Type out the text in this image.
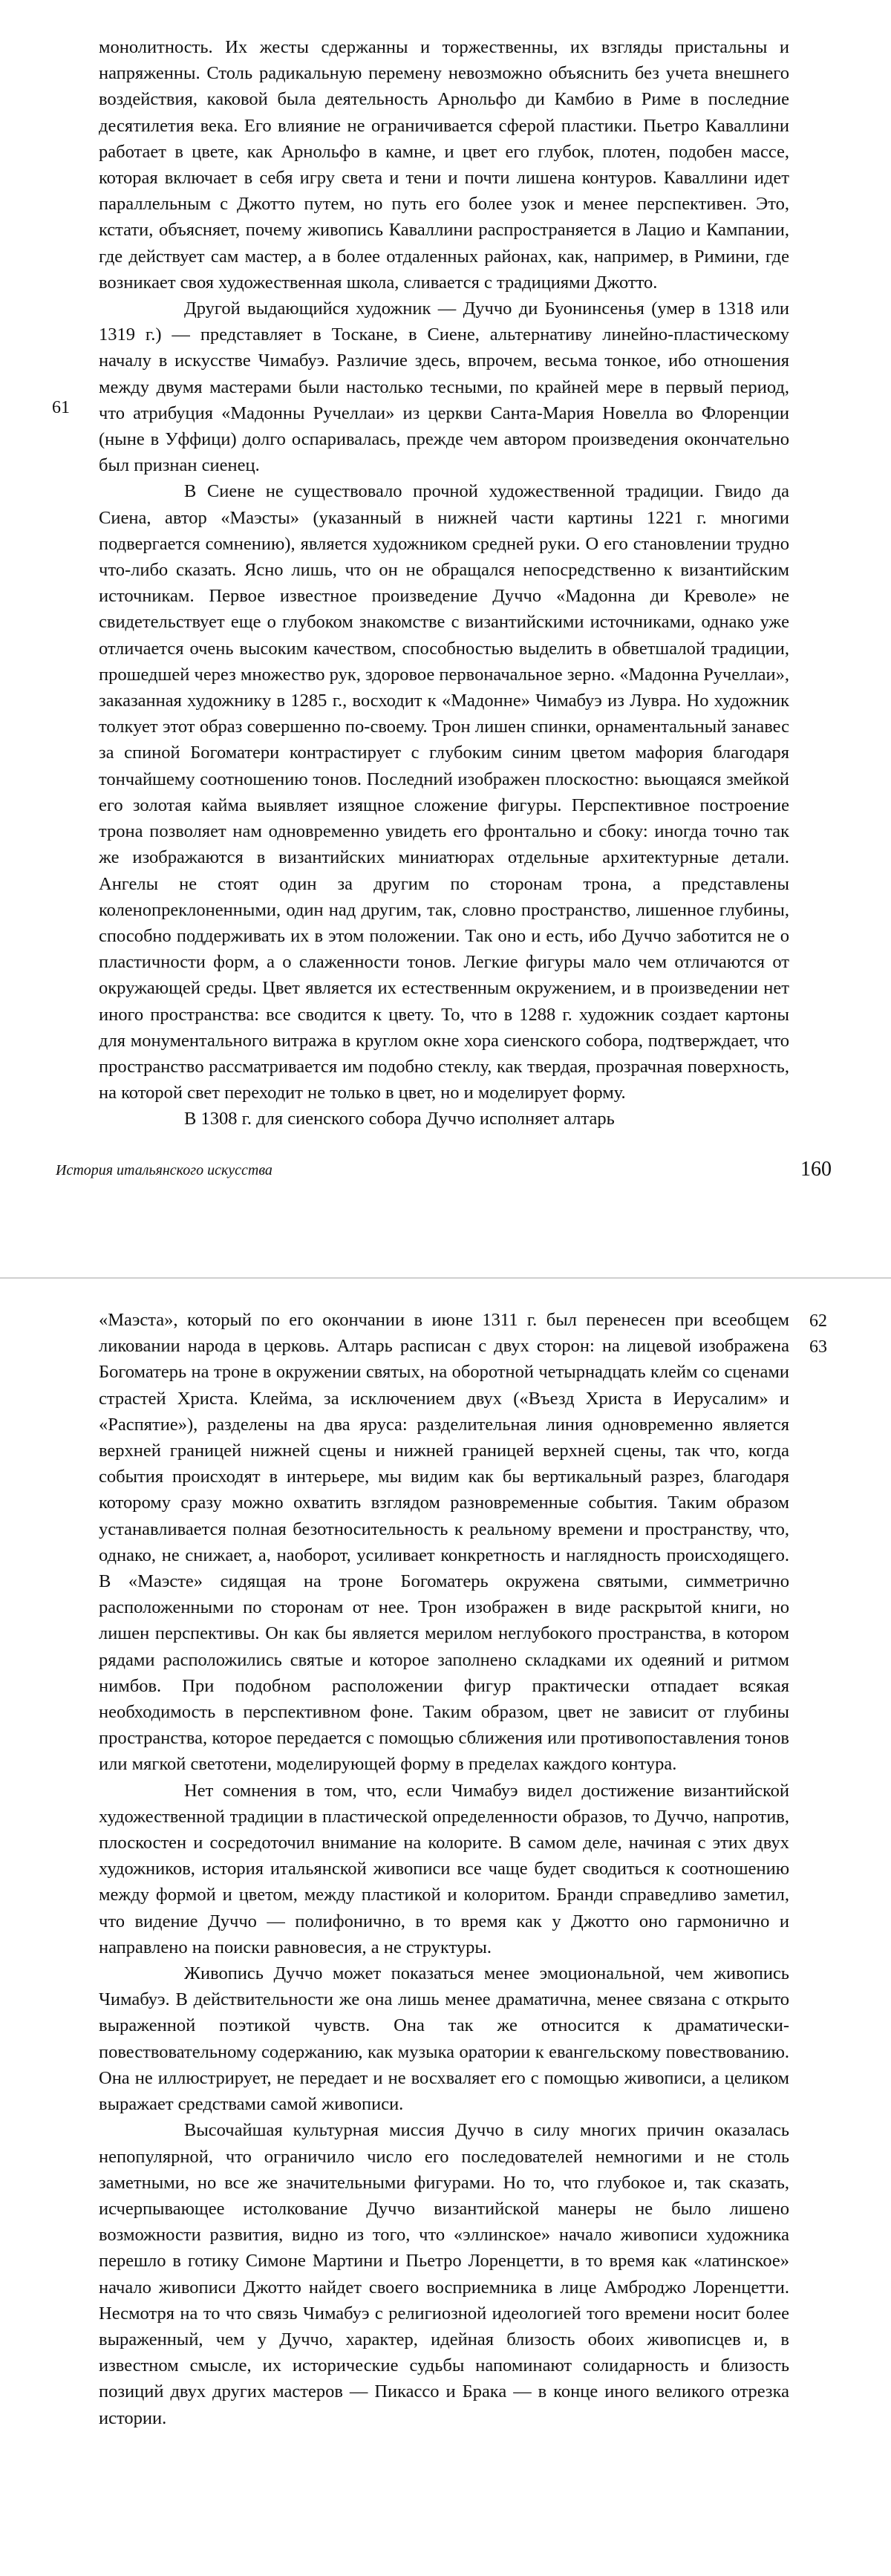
монолитность. Их жесты сдержанны и торжественны, их взгляды пристальны и напряженны. Столь радикальную перемену невозможно объяснить без учета внешнего воздействия, каковой была деятельность Арнольфо ди Камбио в Риме в последние десятилетия века. Его влияние не ограничивается сферой пластики. Пьетро Каваллини работает в цвете, как Арнольфо в камне, и цвет его глубок, плотен, подобен массе, которая включает в себя игру света и тени и почти лишена контуров. Каваллини идет параллельным с Джотто путем, но путь его более узок и менее перспективен. Это, кстати, объясняет, почему живопись Каваллини распространяется в Лацио и Кампании, где действует сам мастер, а в более отдаленных районах, как, например, в Римини, где возникает своя художественная школа, сливается с традициями Джотто.

Другой выдающийся художник — Дуччо ди Буонинсенья (умер в 1318 или 1319 г.) — представляет в Тоскане, в Сиене, альтернативу линейно-пластическому началу в искусстве Чимабуэ. Различие здесь, впрочем, весьма тонкое, ибо отношения между двумя мастерами были настолько тесными, по крайней мере в первый период, что атрибуция «Мадонны Ручеллаи» из церкви Санта-Мария Новелла во Флоренции (ныне в Уффици) долго оспаривалась, прежде чем автором произведения окончательно был признан сиенец.

В Сиене не существовало прочной художественной традиции. Гвидо да Сиена, автор «Маэсты» (указанный в нижней части картины 1221 г. многими подвергается сомнению), является художником средней руки. О его становлении трудно что-либо сказать. Ясно лишь, что он не обращался непосредственно к византийским источникам. Первое известное произведение Дуччо «Мадонна ди Креволе» не свидетельствует еще о глубоком знакомстве с византийскими источниками, однако уже отличается очень высоким качеством, способностью выделить в обветшалой традиции, прошедшей через множество рук, здоровое первоначальное зерно. «Мадонна Ручеллаи», заказанная художнику в 1285 г., восходит к «Мадонне» Чимабуэ из Лувра. Но художник толкует этот образ совершенно по-своему. Трон лишен спинки, орнаментальный занавес за спиной Богоматери контрастирует с глубоким синим цветом мафория благодаря тончайшему соотношению тонов. Последний изображен плоскостно: вьющаяся змейкой его золотая кайма выявляет изящное сложение фигуры. Перспективное построение трона позволяет нам одновременно увидеть его фронтально и сбоку: иногда точно так же изображаются в византийских миниатюрах отдельные архитектурные детали. Ангелы не стоят один за другим по сторонам трона, а представлены коленопреклоненными, один над другим, так, словно пространство, лишенное глубины, способно поддерживать их в этом положении. Так оно и есть, ибо Дуччо заботится не о пластичности форм, а о слаженности тонов. Легкие фигуры мало чем отличаются от окружающей среды. Цвет является их естественным окружением, и в произведении нет иного пространства: все сводится к цвету. То, что в 1288 г. художник создает картоны для монументального витража в круглом окне хора сиенского собора, подтверждает, что пространство рассматривается им подобно стеклу, как твердая, прозрачная поверхность, на которой свет переходит не только в цвет, но и моделирует форму.

В 1308 г. для сиенского собора Дуччо исполняет алтарь

61
История итальянского искусства	160

«Маэста», который по его окончании в июне 1311 г. был перенесен при всеобщем ликовании народа в церковь. Алтарь расписан с двух сторон: на лицевой изображена Богоматерь на троне в окружении святых, на оборотной четырнадцать клейм со сценами страстей Христа. Клейма, за исключением двух («Въезд Христа в Иерусалим» и «Распятие»), разделены на два яруса: разделительная линия одновременно является верхней границей нижней сцены и нижней границей верхней сцены, так что, когда события происходят в интерьере, мы видим как бы вертикальный разрез, благодаря которому сразу можно охватить взглядом разновременные события. Таким образом устанавливается полная безотносительность к реальному времени и пространству, что, однако, не снижает, а, наоборот, усиливает конкретность и наглядность происходящего. В «Маэсте» сидящая на троне Богоматерь окружена святыми, симметрично расположенными по сторонам от нее. Трон изображен в виде раскрытой книги, но лишен перспективы. Он как бы является мерилом неглубокого пространства, в котором рядами расположились святые и которое заполнено складками их одеяний и ритмом нимбов. При подобном расположении фигур практически отпадает всякая необходимость в перспективном фоне. Таким образом, цвет не зависит от глубины пространства, которое передается с помощью сближения или противопоставления тонов или мягкой светотени, моделирующей форму в пределах каждого контура.

Нет сомнения в том, что, если Чимабуэ видел достижение византийской художественной традиции в пластической определенности образов, то Дуччо, напротив, плоскостен и сосредоточил внимание на колорите. В самом деле, начиная с этих двух художников, история итальянской живописи все чаще будет сводиться к соотношению между формой и цветом, между пластикой и колоритом. Бранди справедливо заметил, что видение Дуччо — полифонично, в то время как у Джотто оно гармонично и направлено на поиски равновесия, а не структуры.

Живопись Дуччо может показаться менее эмоциональной, чем живопись Чимабуэ. В действительности же она лишь менее драматична, менее связана с открыто выраженной поэтикой чувств. Она так же относится к драматически-повествовательному содержанию, как музыка оратории к евангельскому повествованию. Она не иллюстрирует, не передает и не восхваляет его с помощью живописи, а целиком выражает средствами самой живописи.

Высочайшая культурная миссия Дуччо в силу многих причин оказалась непопулярной, что ограничило число его последователей немногими и не столь заметными, но все же значительными фигурами. Но то, что глубокое и, так сказать, исчерпывающее истолкование Дуччо византийской манеры не было лишено возможности развития, видно из того, что «эллинское» начало живописи художника перешло в готику Симоне Мартини и Пьетро Лоренцетти, в то время как «латинское» начало живописи Джотто найдет своего восприемника в лице Амброджо Лоренцетти. Несмотря на то что связь Чимабуэ с религиозной идеологией того времени носит более выраженный, чем у Дуччо, характер, идейная близость обоих живописцев и, в известном смысле, их исторические судьбы напоминают солидарность и близость позиций двух других мастеров — Пикассо и Брака — в конце иного великого отрезка истории.

62
63
